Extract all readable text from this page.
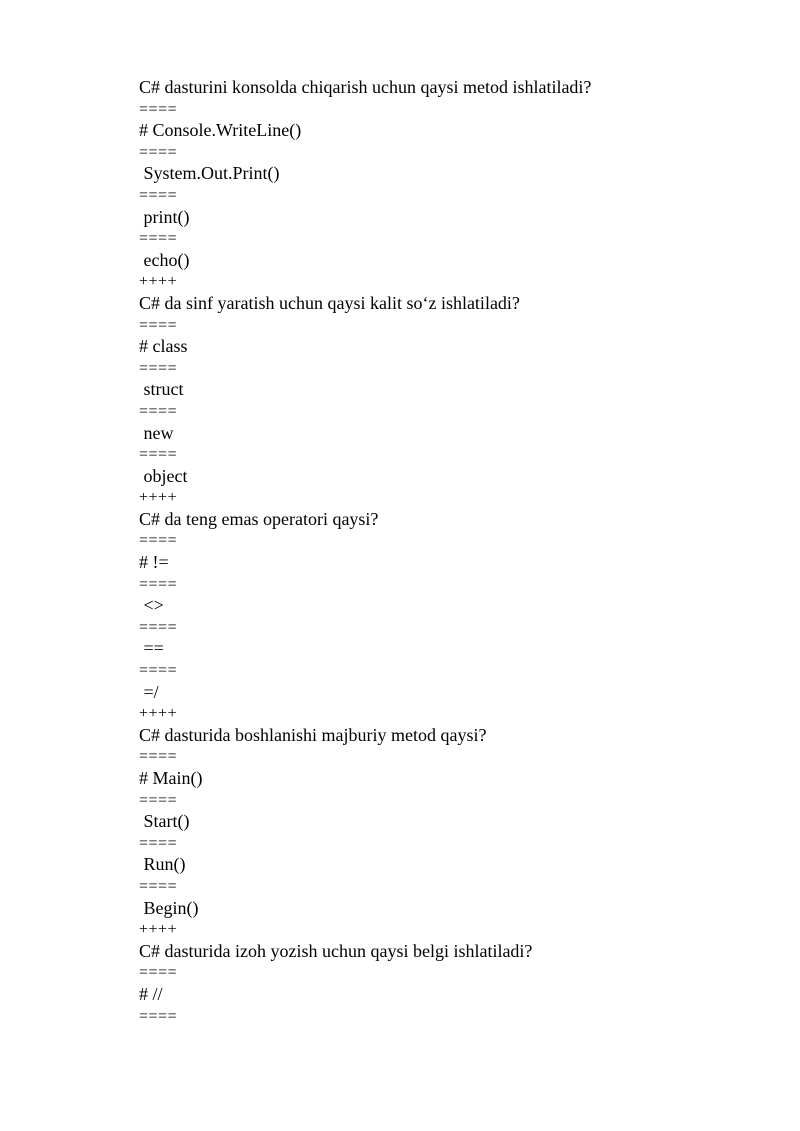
C# dasturini konsolda chiqarish uchun qaysi metod ishlatiladi?
====
# Console.WriteLine()
====
System.Out.Print()
====
print()
====
echo()
++++
C# da sinf yaratish uchun qaysi kalit so‘z ishlatiladi?
====
# class
====
struct
====
new
====
object
++++
C# da teng emas operatori qaysi?
====
# !=
====
<>
====
==
====
=/
++++
C# dasturida boshlanishi majburiy metod qaysi?
====
# Main()
====
Start()
====
Run()
====
Begin()
++++
C# dasturida izoh yozish uchun qaysi belgi ishlatiladi?
====
# //
====
